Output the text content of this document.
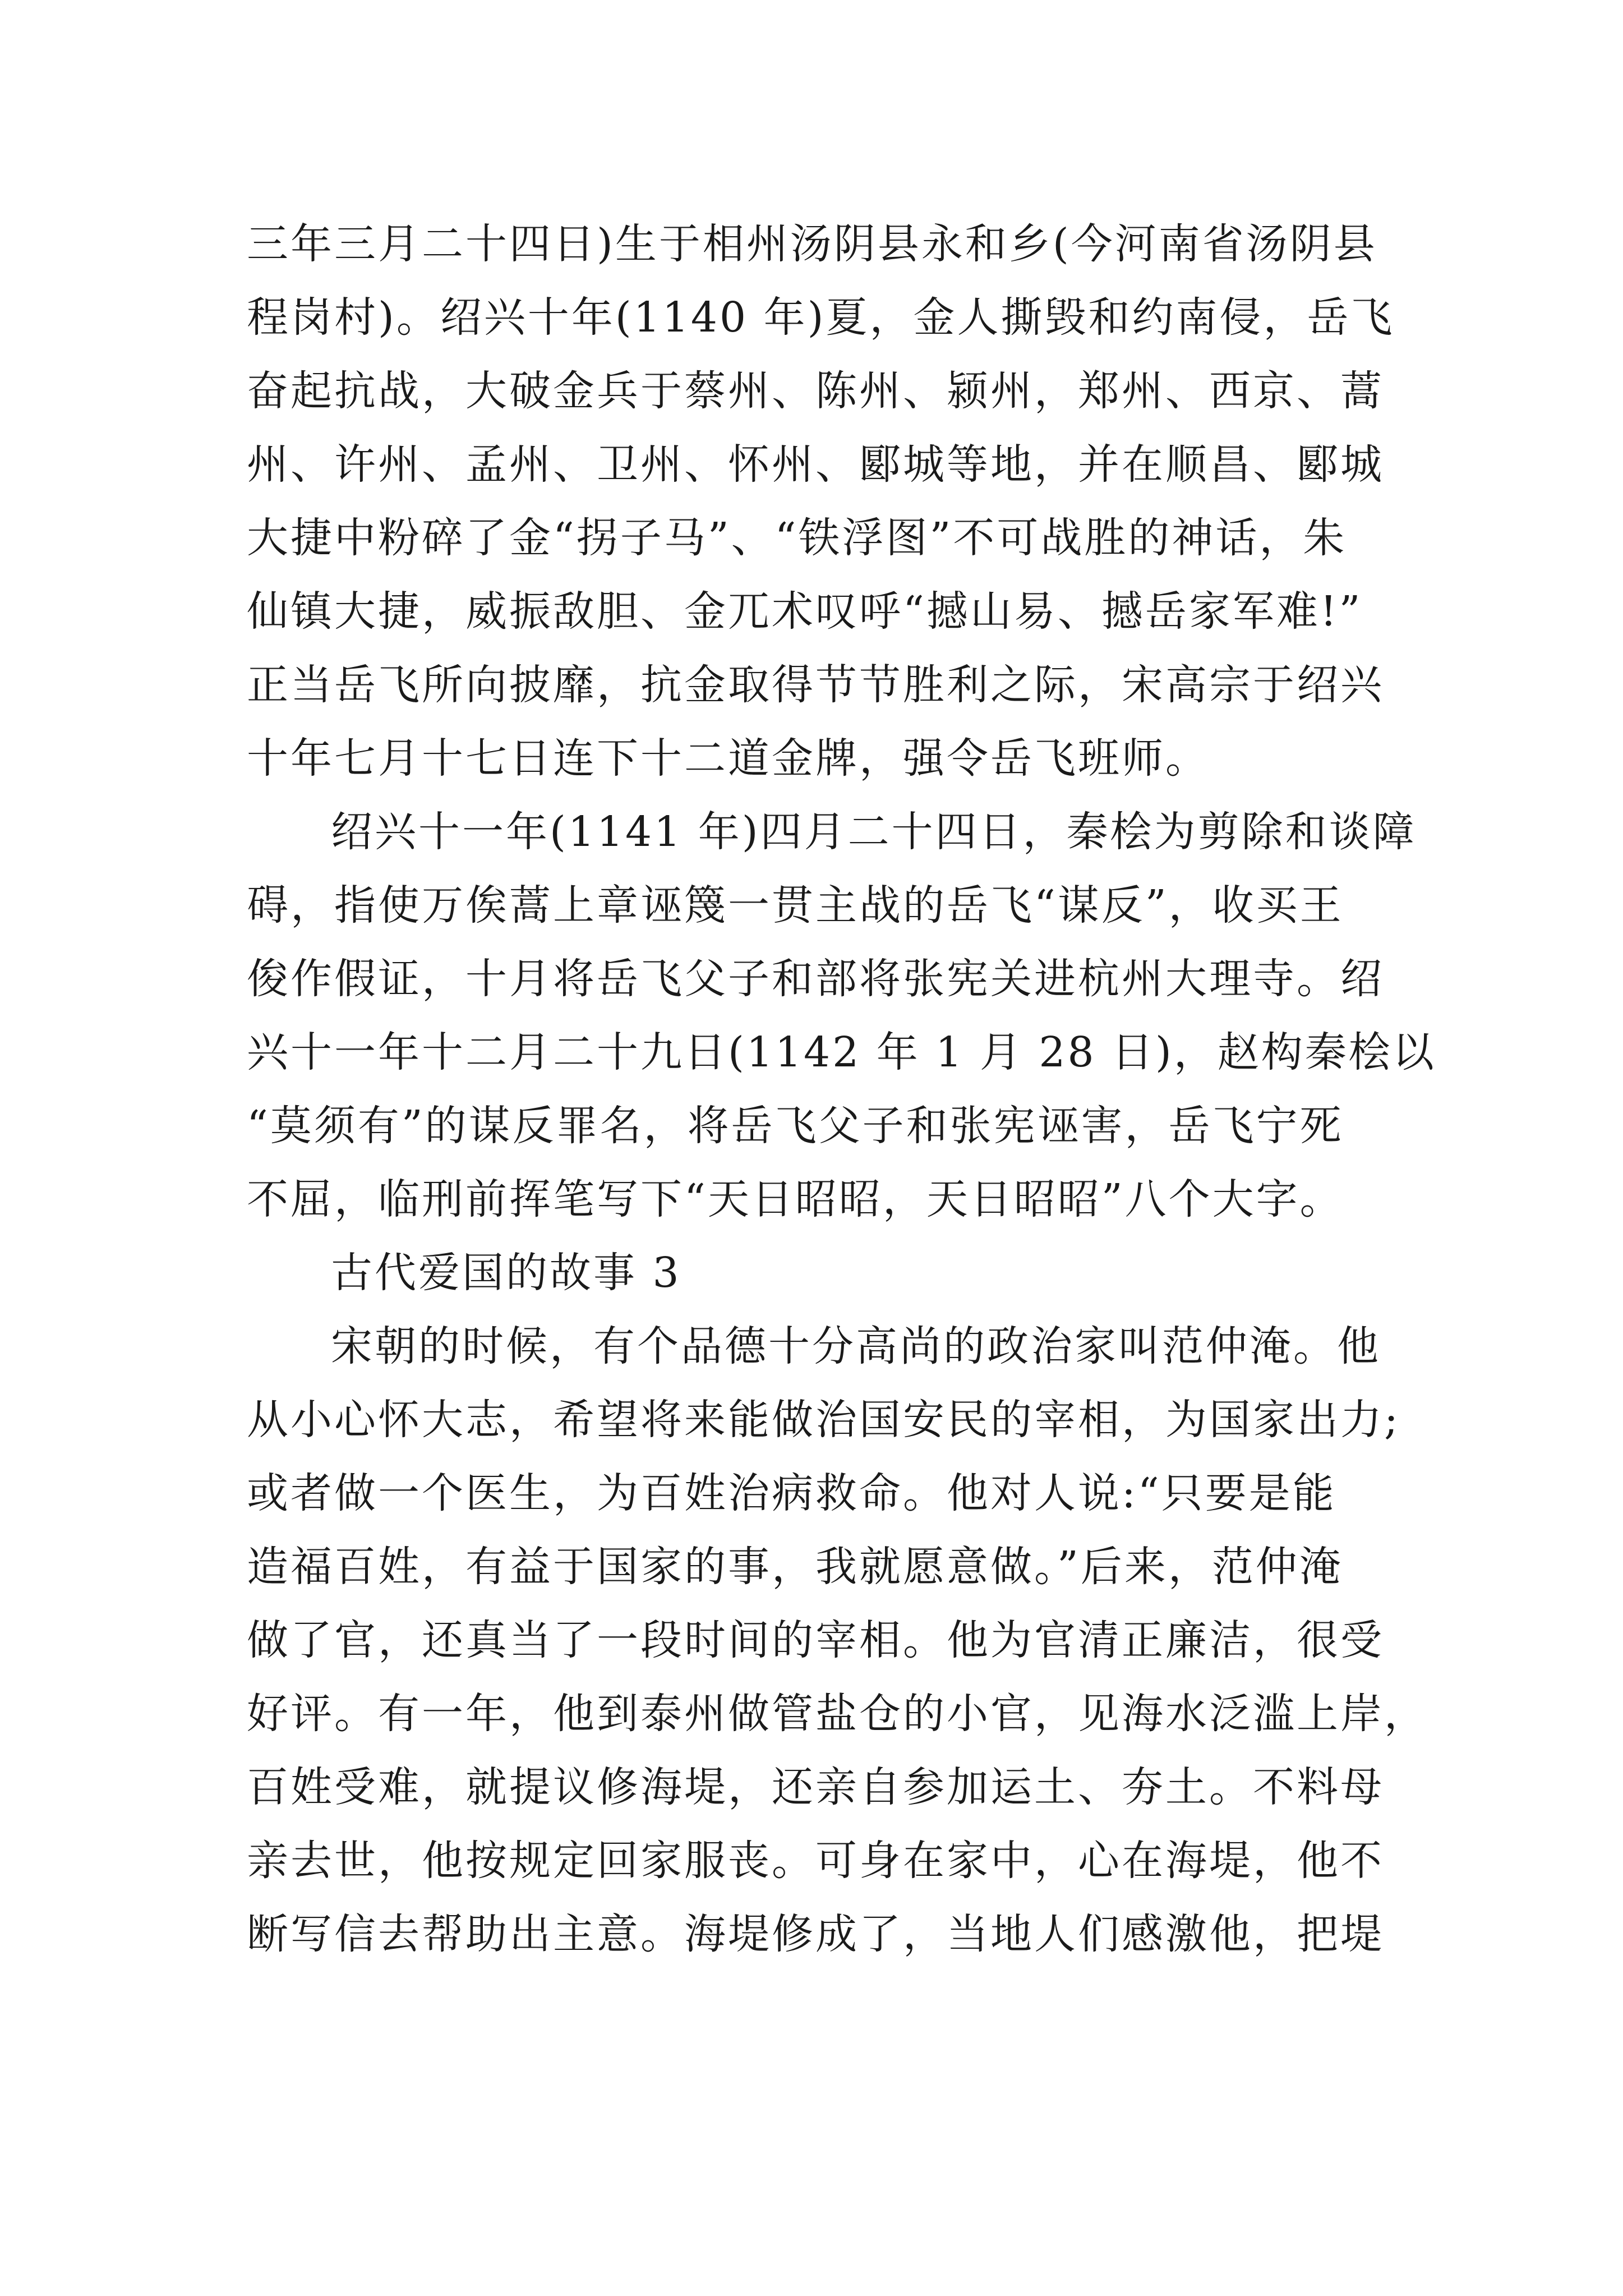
三年三月二十四日)生于相州汤阴县永和乡(今河南省汤阴县
程岗村)。绍兴十年(1140 年)夏，金人撕毁和约南侵，岳飞
奋起抗战，大破金兵于蔡州、陈州、颍州，郑州、西京、蒿
州、许州、孟州、卫州、怀州、郾城等地，并在顺昌、郾城
大捷中粉碎了金“拐子马”、“铁浮图”不可战胜的神话，朱
仙镇大捷，威振敌胆、金兀术叹呼“撼山易、撼岳家军难!”
正当岳飞所向披靡，抗金取得节节胜利之际，宋高宗于绍兴
十年七月十七日连下十二道金牌，强令岳飞班师。
绍兴十一年(1141 年)四月二十四日，秦桧为剪除和谈障
碍，指使万俟蒿上章诬篾一贯主战的岳飞“谋反”，收买王
俊作假证，十月将岳飞父子和部将张宪关进杭州大理寺。绍
兴十一年十二月二十九日(1142 年 1 月 28 日)，赵构秦桧以
“莫须有”的谋反罪名，将岳飞父子和张宪诬害，岳飞宁死
不屈，临刑前挥笔写下“天日昭昭，天日昭昭”八个大字。
古代爱国的故事 3
宋朝的时候，有个品德十分高尚的政治家叫范仲淹。他
从小心怀大志，希望将来能做治国安民的宰相，为国家出力;
或者做一个医生，为百姓治病救命。他对人说:“只要是能
造福百姓，有益于国家的事，我就愿意做。”后来，范仲淹
做了官，还真当了一段时间的宰相。他为官清正廉洁，很受
好评。有一年，他到泰州做管盐仓的小官，见海水泛滥上岸，
百姓受难，就提议修海堤，还亲自参加运土、夯土。不料母
亲去世，他按规定回家服丧。可身在家中，心在海堤，他不
断写信去帮助出主意。海堤修成了，当地人们感激他，把堤
